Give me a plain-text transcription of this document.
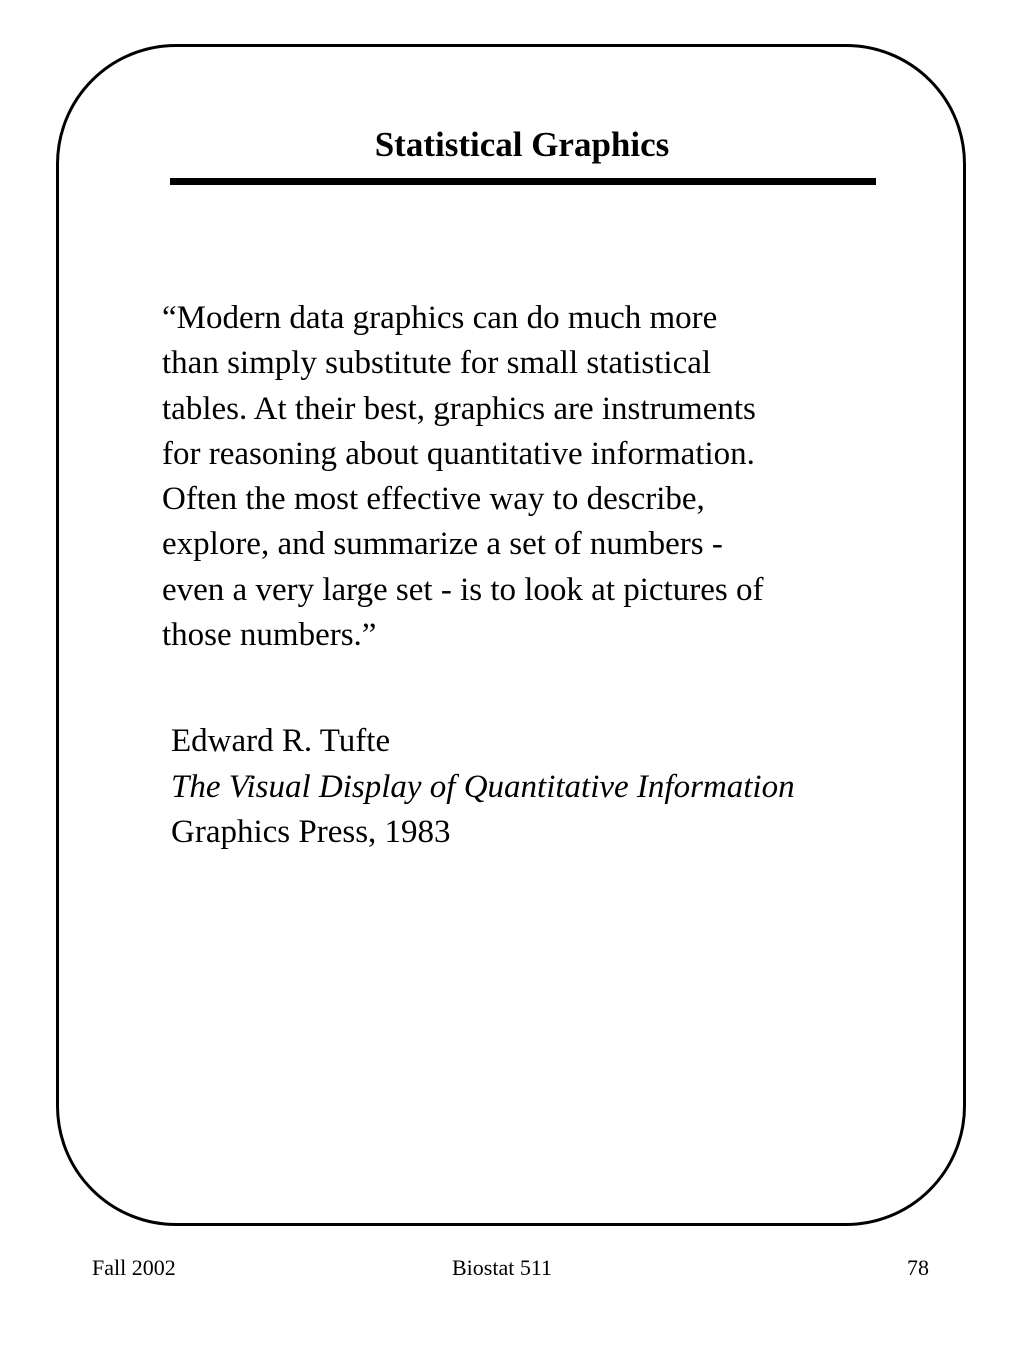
Statistical Graphics
“Modern data graphics can do much more
than simply substitute for small statistical
tables. At their best, graphics are instruments
for reasoning about quantitative information.
Often the most effective way to describe,
explore, and summarize a set of numbers -
even a very large set - is to look at pictures of
those numbers.”
Edward R. Tufte
The Visual Display of Quantitative Information
Graphics Press, 1983
Fall 2002	Biostat 511	78
